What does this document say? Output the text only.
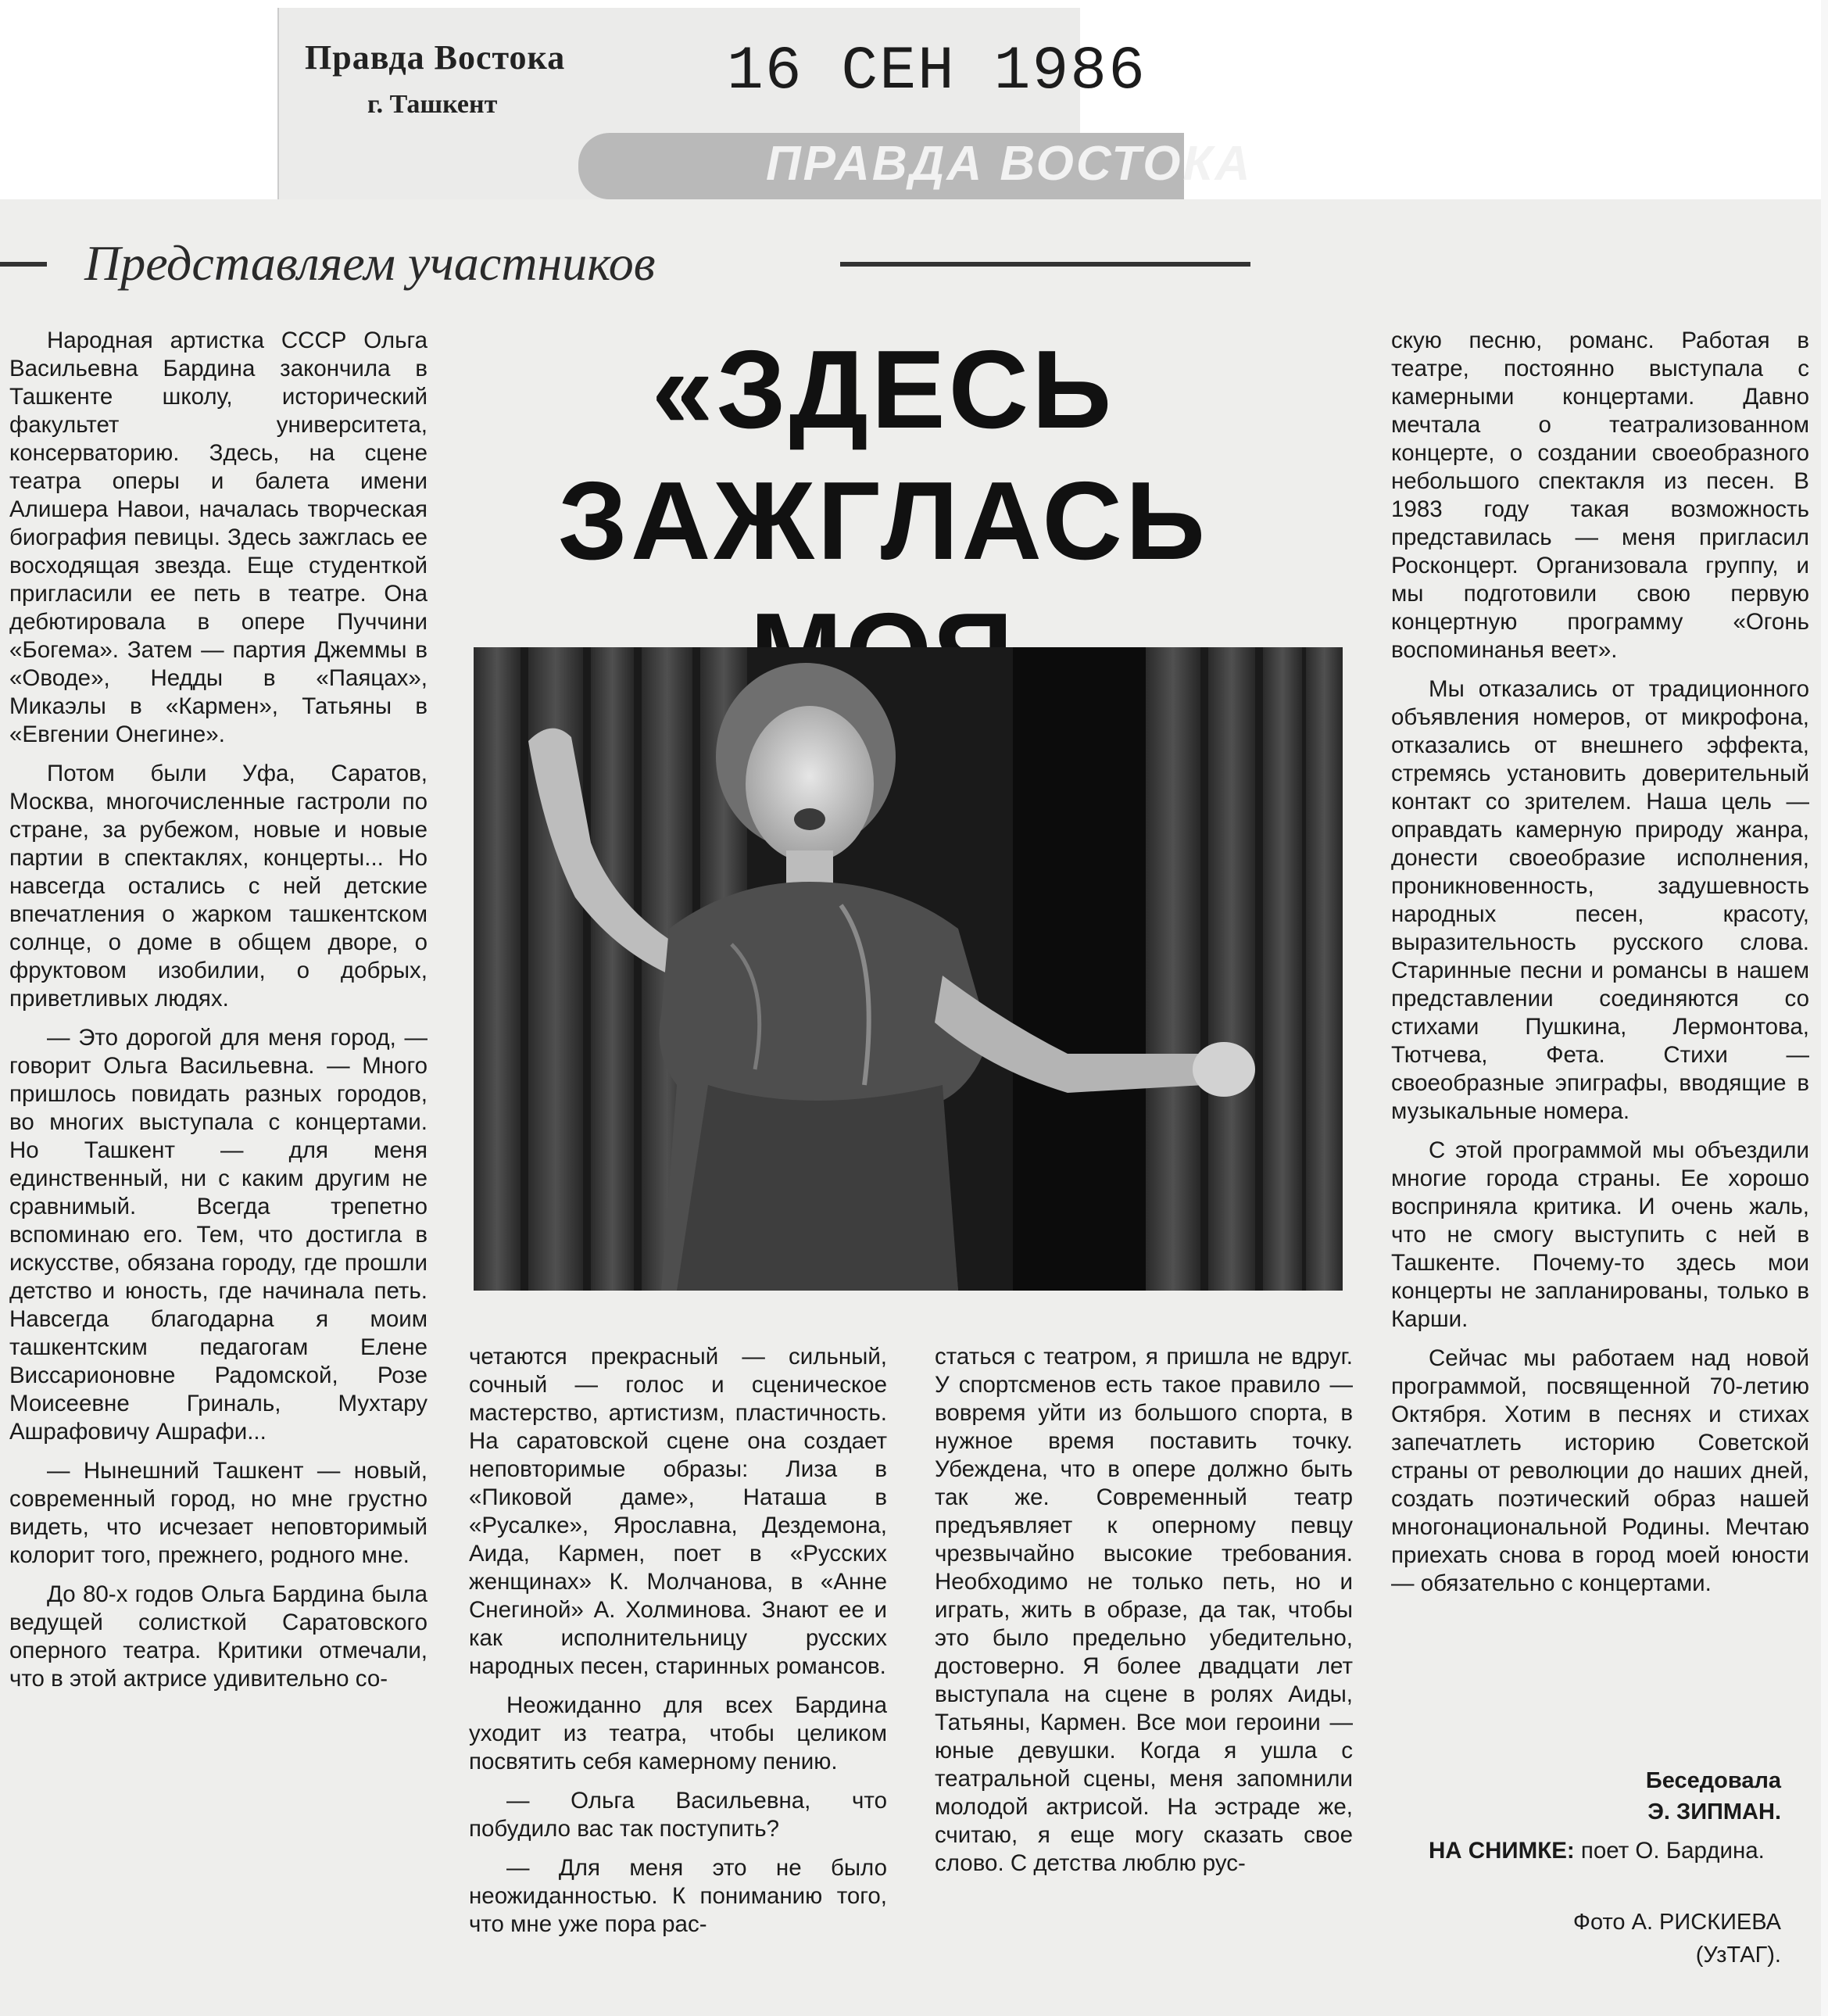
Правда Востока
г. Ташкент	16 СЕН 1986
ПРАВДА ВОСТОКА
Представляем участников
«ЗДЕСЬ ЗАЖГЛАСЬ

Народная артистка СССР Ольга Васильевна Бардина закончила в Ташкенте школу, исторический факультет университета, консерваторию. Здесь, на сцене театра оперы и балета имени Алишера Навои, началась творческая биография певицы. Здесь зажглась ее восходящая звезда. Еще студенткой пригласили ее петь в театре. Она дебютировала в опере Пуччини «Богема». Затем — партия Джеммы в «Оводе», Недды в «Паяцах», Микаэлы в «Кармен», Татьяны в «Евгении Онегине».

Потом были Уфа, Саратов, Москва, многочисленные гастроли по стране, за рубежом, новые и новые партии в спектаклях, концерты... Но навсегда остались с ней детские впечатления о жарком ташкентском солнце, о доме в общем дворе, о фруктовом изобилии, о добрых, приветливых людях.

— Это дорогой для меня город, — говорит Ольга Васильевна. — Много пришлось повидать разных городов, во многих выступала с концертами. Но Ташкент — для меня единственный, ни с каким другим не сравнимый. Всегда трепетно вспоминаю его. Тем, что достигла в искусстве, обязана городу, где прошли детство и юность, где начинала петь. Навсегда благодарна я моим ташкентским педагогам Елене Виссарионовне Радомской, Розе Моисеевне Гриналь, Мухтару Ашрафовичу Ашрафи...

— Нынешний Ташкент — новый, современный город, но мне грустно видеть, что исчезает неповторимый колорит того, прежнего, родного мне.

До 80-х годов Ольга Бардина была ведущей солисткой Саратовского оперного театра. Критики отмечали, что в этой актрисе удивительно со-

четаются прекрасный — сильный, сочный — голос и сценическое мастерство, артистизм, пластичность. На саратовской сцене она создает неповторимые образы: Лиза в «Пиковой даме», Наташа в «Русалке», Ярославна, Дездемона, Аида, Кармен, поет в «Русских женщинах» К. Молчанова, в «Анне Снегиной» А. Холминова. Знают ее и как исполнительницу русских народных песен, старинных романсов.

Неожиданно для всех Бардина уходит из театра, чтобы целиком посвятить себя камерному пению.

— Ольга Васильевна, что побудило вас так поступить?

— Для меня это не было неожиданностью. К пониманию того, что мне уже пора рас-

статься с театром, я пришла не вдруг. У спортсменов есть такое правило — вовремя уйти из большого спорта, в нужное время поставить точку. Убеждена, что в опере должно быть так же. Современный театр предъявляет к оперному певцу чрезвычайно высокие требования. Необходимо не только петь, но и играть, жить в образе, да так, чтобы это было предельно убедительно, достоверно. Я более двадцати лет выступала на сцене в ролях Аиды, Татьяны, Кармен. Все мои героини — юные девушки. Когда я ушла с театральной сцены, меня запомнили молодой актрисой. На эстраде же, считаю, я еще могу сказать свое слово. С детства люблю рус-

скую песню, романс. Работая в театре, постоянно выступала с камерными концертами. Давно мечтала о театрализованном концерте, о создании своеобразного небольшого спектакля из песен. В 1983 году такая возможность представилась — меня пригласил Росконцерт. Организовала группу, и мы подготовили свою первую концертную программу «Огонь воспоминанья веет».

Мы отказались от традиционного объявления номеров, от микрофона, отказались от внешнего эффекта, стремясь установить доверительный контакт со зрителем. Наша цель — оправдать камерную природу жанра, донести своеобразие исполнения, проникновенность, задушевность народных песен, красоту, выразительность русского слова. Старинные песни и романсы в нашем представлении соединяются со стихами Пушкина, Лермонтова, Тютчева, Фета. Стихи — своеобразные эпиграфы, вводящие в музыкальные номера.

С этой программой мы объездили многие города страны. Ее хорошо восприняла критика. И очень жаль, что не смогу выступить с ней в Ташкенте. Почему-то здесь мои концерты не запланированы, только в Карши.

Сейчас мы работаем над новой программой, посвященной 70-летию Октября. Хотим в песнях и стихах запечатлеть историю Советской страны от революции до наших дней, создать поэтический образ нашей многонациональной Родины. Мечтаю приехать снова в город моей юности — обязательно с концертами.

Беседовала
Э. ЗИПМАН.
НА СНИМКЕ: поет О. Бардина.
Фото А. РИСКИЕВА
(УзТАГ).
